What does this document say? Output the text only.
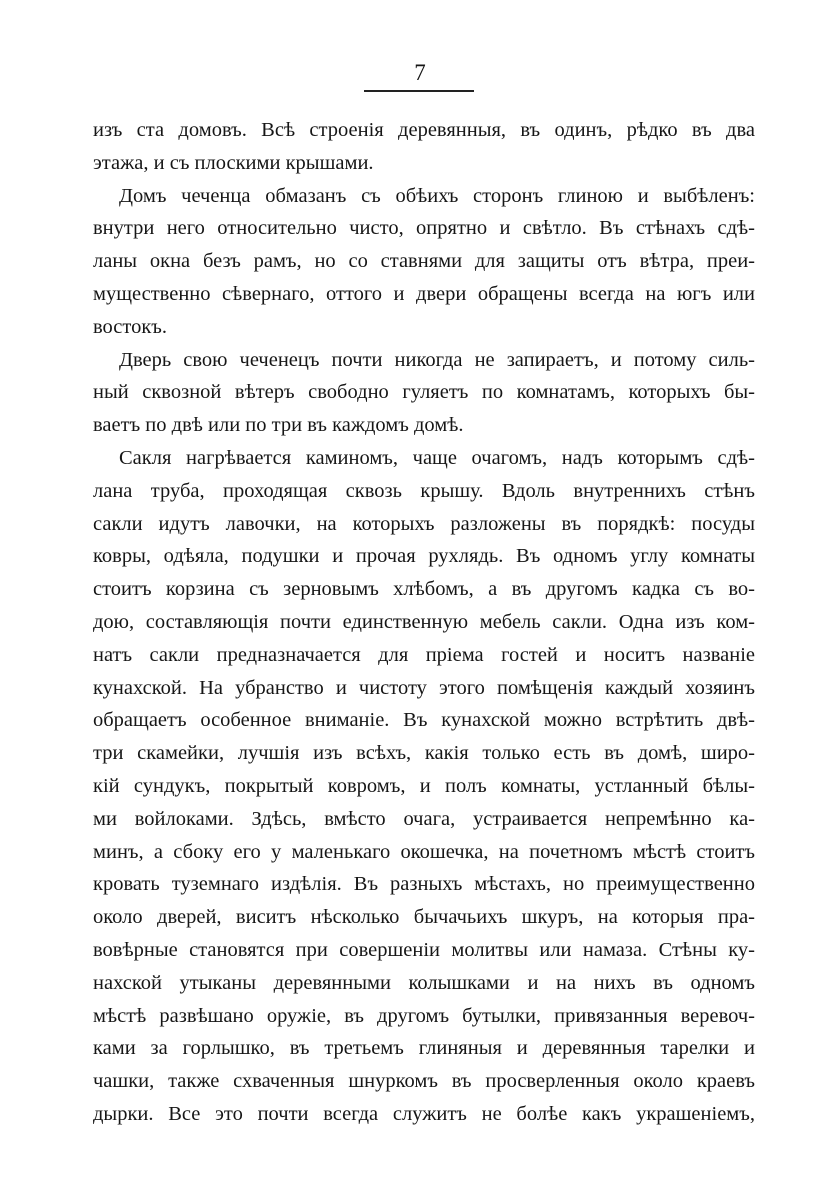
7
изъ ста домовъ. Всѣ строенія деревянныя, въ одинъ, рѣдко въ два
этажа, и съ плоскими крышами.
Домъ чеченца обмазанъ съ обѣихъ сторонъ глиною и выбѣленъ:
внутри него относительно чисто, опрятно и свѣтло. Въ стѣнахъ сдѣ-
ланы окна безъ рамъ, но со ставнями для защиты отъ вѣтра, преи-
мущественно сѣвернаго, оттого и двери обращены всегда на югъ или
востокъ.
Дверь свою чеченецъ почти никогда не запираетъ, и потому силь-
ный сквозной вѣтеръ свободно гуляетъ по комнатамъ, которыхъ бы-
ваетъ по двѣ или по три въ каждомъ домѣ.
Сакля нагрѣвается каминомъ, чаще очагомъ, надъ которымъ сдѣ-
лана труба, проходящая сквозь крышу. Вдоль внутреннихъ стѣнъ
сакли идутъ лавочки, на которыхъ разложены въ порядкѣ: посуды
ковры, одѣяла, подушки и прочая рухлядь. Въ одномъ углу комнаты
стоитъ корзина съ зерновымъ хлѣбомъ, а въ другомъ кадка съ во-
дою, составляющія почти единственную мебель сакли. Одна изъ ком-
натъ сакли предназначается для пріема гостей и носитъ названіе
кунахской. На убранство и чистоту этого помѣщенія каждый хозяинъ
обращаетъ особенное вниманіе. Въ кунахской можно встрѣтить двѣ-
три скамейки, лучшія изъ всѣхъ, какія только есть въ домѣ, широ-
кій сундукъ, покрытый ковромъ, и полъ комнаты, устланный бѣлы-
ми войлоками. Здѣсь, вмѣсто очага, устраивается непремѣнно ка-
минъ, а сбоку его у маленькаго окошечка, на почетномъ мѣстѣ стоитъ
кровать туземнаго издѣлія. Въ разныхъ мѣстахъ, но преимущественно
около дверей, виситъ нѣсколько бычачьихъ шкуръ, на которыя пра-
вовѣрные становятся при совершеніи молитвы или намаза. Стѣны ку-
нахской утыканы деревянными колышками и на нихъ въ одномъ
мѣстѣ развѣшано оружіе, въ другомъ бутылки, привязанныя веревоч-
ками за горлышко, въ третьемъ глиняныя и деревянныя тарелки и
чашки, также схваченныя шнуркомъ въ просверленныя около краевъ
дырки. Все это почти всегда служитъ не болѣе какъ украшеніемъ,
